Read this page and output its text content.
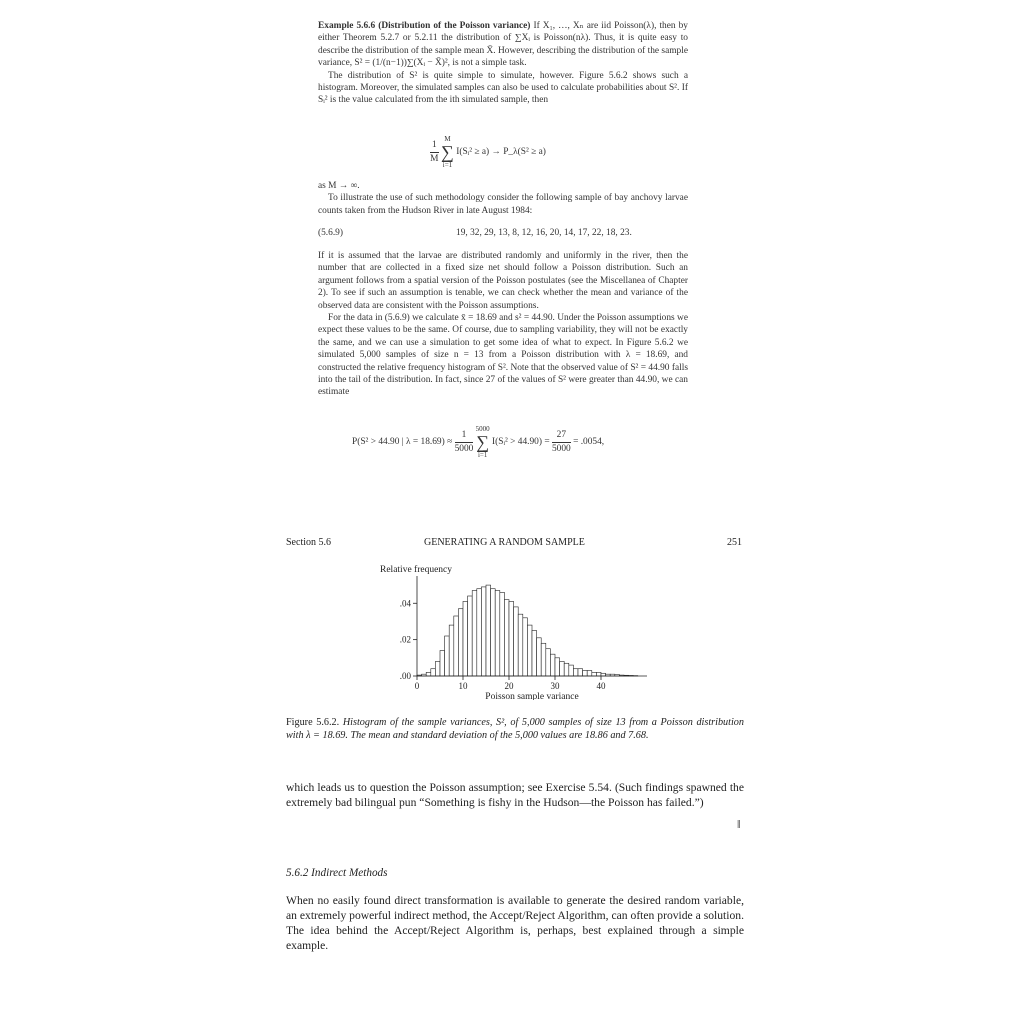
Example 5.6.6 (Distribution of the Poisson variance) If X₁, …, Xₙ are iid Poisson(λ), then by either Theorem 5.2.7 or 5.2.11 the distribution of ∑Xᵢ is Poisson(nλ). Thus, it is quite easy to describe the distribution of the sample mean X̄. However, describing the distribution of the sample variance, S² = (1/(n−1))∑(Xᵢ − X̄)², is not a simple task.

The distribution of S² is quite simple to simulate, however. Figure 5.6.2 shows such a histogram. Moreover, the simulated samples can also be used to calculate probabilities about S². If Sᵢ² is the value calculated from the ith simulated sample, then

$\frac{1}{M}$
M
∑
i=1 I(Sᵢ² ≥ a) → P_λ(S² ≥ a)

as M → ∞.

To illustrate the use of such methodology consider the following sample of bay anchovy larvae counts taken from the Hudson River in late August 1984:

(5.6.9)	19, 32, 29, 13, 8, 12, 16, 20, 14, 17, 22, 18, 23.

If it is assumed that the larvae are distributed randomly and uniformly in the river, then the number that are collected in a fixed size net should follow a Poisson distribution. Such an argument follows from a spatial version of the Poisson postulates (see the Miscellanea of Chapter 2). To see if such an assumption is tenable, we can check whether the mean and variance of the observed data are consistent with the Poisson assumptions.

For the data in (5.6.9) we calculate x̄ = 18.69 and s² = 44.90. Under the Poisson assumptions we expect these values to be the same. Of course, due to sampling variability, they will not be exactly the same, and we can use a simulation to get some idea of what to expect. In Figure 5.6.2 we simulated 5,000 samples of size n = 13 from a Poisson distribution with λ = 18.69, and constructed the relative frequency histogram of S². Note that the observed value of S² = 44.90 falls into the tail of the distribution. In fact, since 27 of the values of S² were greater than 44.90, we can estimate

P(S² > 44.90 | $\lambda = 18.69) \approx \frac{1}{5000}$
5000
∑
i=1 I(Sᵢ² > $44.90) = \frac{27}{5000} = .0054$,
Section 5.6	GENERATING A RANDOM SAMPLE	251
Relative frequency
.00
.02
.04
0	10	20	30	40
Poisson sample variance
Figure 5.6.2. Histogram of the sample variances, S², of 5,000 samples of size 13 from a Poisson distribution with λ = 18.69. The mean and standard deviation of the 5,000 values are 18.86 and 7.68.
which leads us to question the Poisson assumption; see Exercise 5.54. (Such findings spawned the extremely bad bilingual pun “Something is fishy in the Hudson—the Poisson has failed.”)
‖
5.6.2 Indirect Methods
When no easily found direct transformation is available to generate the desired random variable, an extremely powerful indirect method, the Accept/Reject Algorithm, can often provide a solution. The idea behind the Accept/Reject Algorithm is, perhaps, best explained through a simple example.
